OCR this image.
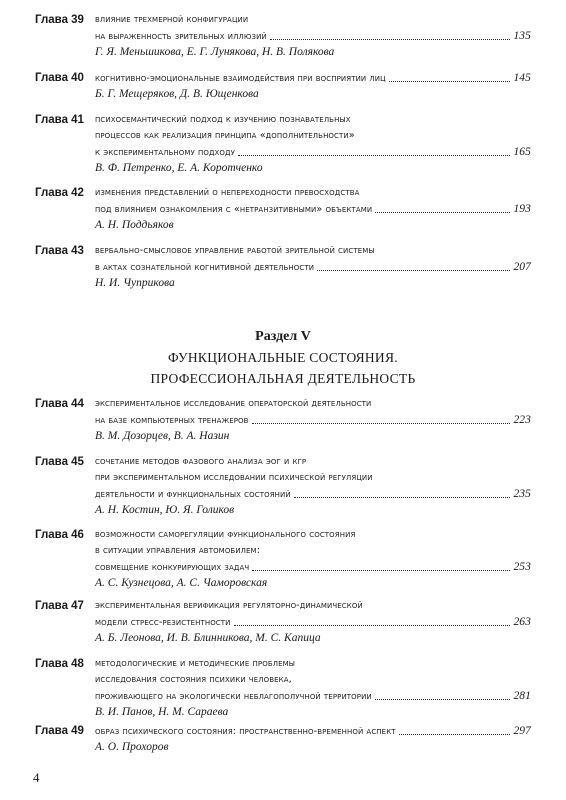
Глава 39 влияние трехмерной конфигурации
на выраженность зрительных иллюзий	135
Г. Я. Меньшикова, Е. Г. Лунякова, Н. В. Полякова
Глава 40 когнитивно-эмоциональные взаимодействия при восприятии лиц	145
Б. Г. Мещеряков, Д. В. Ющенкова
Глава 41 психосемантический подход к изучению познавательных
процессов как реализация принципа «дополнительности»
к экспериментальному подходу	165
В. Ф. Петренко, Е. А. Коротченко
Глава 42 изменения представлений о непереходности превосходства
под влиянием ознакомления с «нетранзитивными» объектами	193
А. Н. Поддьяков
Глава 43 вербально-смысловое управление работой зрительной системы
в актах сознательной когнитивной деятельности	207
Н. И. Чуприкова
Раздел V
ФУНКЦИОНАЛЬНЫЕ СОСТОЯНИЯ.
ПРОФЕССИОНАЛЬНАЯ ДЕЯТЕЛЬНОСТЬ
Глава 44 экспериментальное исследование операторской деятельности
на базе компьютерных тренажеров	223
В. М. Дозорцев, В. А. Назин
Глава 45 сочетание методов фазового анализа эог и кгр
при экспериментальном исследовании психической регуляции
деятельности и функциональных состояний	235
А. Н. Костин, Ю. Я. Голиков
Глава 46 возможности саморегуляции функционального состояния
в ситуации управления автомобилем:
совмещение конкурирующих задач	253
А. С. Кузнецова, А. С. Чаморовская
Глава 47 экспериментальная верификация регуляторно-динамической
модели стресс-резистентности	263
А. Б. Леонова, И. В. Блинникова, М. С. Капица
Глава 48 методологические и методические проблемы
исследования состояния психики человека,
проживающего на экологически неблагополучной территории	281
В. И. Панов, Н. М. Сараева
Глава 49 образ психического состояния: пространственно-временной аспект	297
А. О. Прохоров
4
